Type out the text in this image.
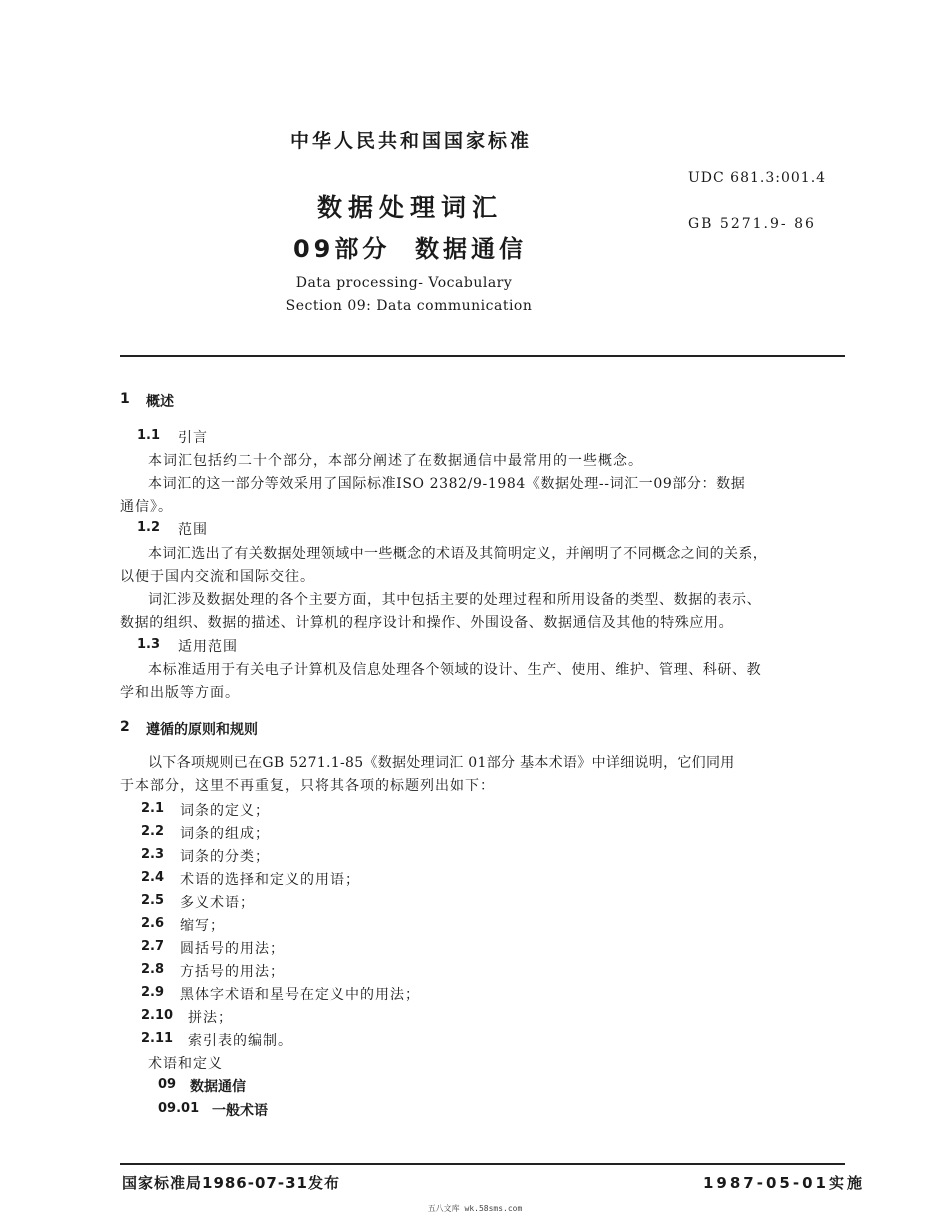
中华人民共和国国家标准
UDC 681.3:001.4
GB 5271.9- 86
数据处理词汇
09部分  数据通信
Data processing- Vocabulary
Section 09: Data communication
1 概述
1.1 引言
本词汇包括约二十个部分，本部分阐述了在数据通信中最常用的一些概念。
本词汇的这一部分等效采用了国际标准ISO 2382/9-1984《数据处理--词汇一09部分：数据
通信》。
1.2 范围
本词汇选出了有关数据处理领域中一些概念的术语及其简明定义，并阐明了不同概念之间的关系，
以便于国内交流和国际交往。
词汇涉及数据处理的各个主要方面，其中包括主要的处理过程和所用设备的类型、数据的表示、
数据的组织、数据的描述、计算机的程序设计和操作、外围设备、数据通信及其他的特殊应用。
1.3 适用范围
本标准适用于有关电子计算机及信息处理各个领域的设计、生产、使用、维护、管理、科研、教
学和出版等方面。
2 遵循的原则和规则
以下各项规则已在GB 5271.1-85《数据处理词汇 01部分 基本术语》中详细说明，它们同用
于本部分，这里不再重复，只将其各项的标题列出如下：
2.1 词条的定义；
2.2 词条的组成；
2.3 词条的分类；
2.4 术语的选择和定义的用语；
2.5 多义术语；
2.6 缩写；
2.7 圆括号的用法；
2.8 方括号的用法；
2.9 黑体字术语和星号在定义中的用法；
2.10 拼法；
2.11 索引表的编制。
术语和定义
09 数据通信
09.01 一般术语
国家标准局1986-07-31发布	1987-05-01实施
五八文库 wk.58sms.com
